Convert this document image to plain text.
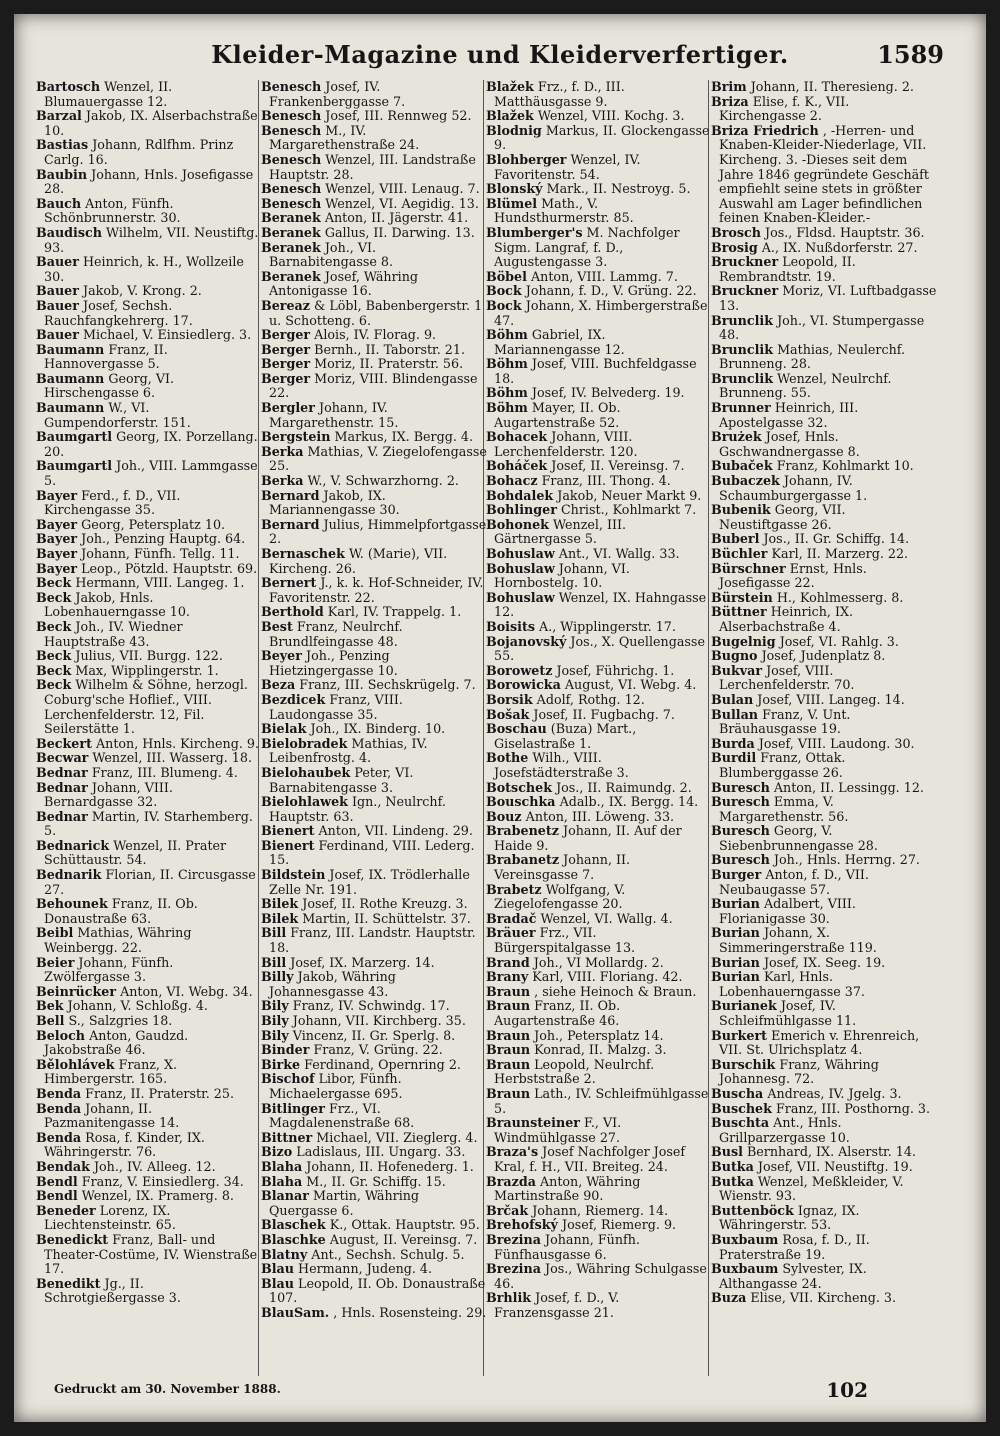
Kleider-Magazine und Kleiderverfertiger.	1589

Bartosch Wenzel, II. Blumauergasse 12.

Barzal Jakob, IX. Alserbachstraße 10.

Bastias Johann, Rdlfhm. Prinz Carlg. 16.

Baubin Johann, Hnls. Josefigasse 28.

Bauch Anton, Fünfh. Schönbrunnerstr. 30.

Baudisch Wilhelm, VII. Neustiftg. 93.

Bauer Heinrich, k. H., Wollzeile 30.

Bauer Jakob, V. Krong. 2.

Bauer Josef, Sechsh. Rauchfangkehrerg. 17.

Bauer Michael, V. Einsiedlerg. 3.

Baumann Franz, II. Hannovergasse 5.

Baumann Georg, VI. Hirschengasse 6.

Baumann W., VI. Gumpendorferstr. 151.

Baumgartl Georg, IX. Porzellang. 20.

Baumgartl Joh., VIII. Lammgasse 5.

Bayer Ferd., f. D., VII. Kirchengasse 35.

Bayer Georg, Petersplatz 10.

Bayer Joh., Penzing Hauptg. 64.

Bayer Johann, Fünfh. Tellg. 11.

Bayer Leop., Pötzld. Hauptstr. 69.

Beck Hermann, VIII. Langeg. 1.

Beck Jakob, Hnls. Lobenhauerngasse 10.

Beck Joh., IV. Wiedner Hauptstraße 43.

Beck Julius, VII. Burgg. 122.

Beck Max, Wipplingerstr. 1.

Beck Wilhelm & Söhne, herzogl. Coburg'sche Hoflief., VIII. Lerchenfelderstr. 12, Fil. Seilerstätte 1.

Beckert Anton, Hnls. Kircheng. 9.

Becwar Wenzel, III. Wasserg. 18.

Bednar Franz, III. Blumeng. 4.

Bednar Johann, VIII. Bernardgasse 32.

Bednar Martin, IV. Starhemberg. 5.

Bednarick Wenzel, II. Prater Schüttaustr. 54.

Bednarik Florian, II. Circusgasse 27.

Behounek Franz, II. Ob. Donaustraße 63.

Beibl Mathias, Währing Weinbergg. 22.

Beier Johann, Fünfh. Zwölfergasse 3.

Beinrücker Anton, VI. Webg. 34.

Bek Johann, V. Schloßg. 4.

Bell S., Salzgries 18.

Beloch Anton, Gaudzd. Jakobstraße 46.

Bělohlávek Franz, X. Himbergerstr. 165.

Benda Franz, II. Praterstr. 25.

Benda Johann, II. Pazmanitengasse 14.

Benda Rosa, f. Kinder, IX. Währingerstr. 76.

Bendak Joh., IV. Alleeg. 12.

Bendl Franz, V. Einsiedlerg. 34.

Bendl Wenzel, IX. Pramerg. 8.

Beneder Lorenz, IX. Liechtensteinstr. 65.

Benedickt Franz, Ball- und Theater-Costüme, IV. Wienstraße 17.

Benedikt Jg., II. Schrotgießergasse 3.

Benesch Josef, IV. Frankenberggasse 7.

Benesch Josef, III. Rennweg 52.

Benesch M., IV. Margarethenstraße 24.

Benesch Wenzel, III. Landstraße Hauptstr. 28.

Benesch Wenzel, VIII. Lenaug. 7.

Benesch Wenzel, VI. Aegidig. 13.

Beranek Anton, II. Jägerstr. 41.

Beranek Gallus, II. Darwing. 13.

Beranek Joh., VI. Barnabitengasse 8.

Beranek Josef, Währing Antonigasse 16.

Bereaz & Löbl, Babenbergerstr. 1 u. Schotteng. 6.

Berger Alois, IV. Florag. 9.

Berger Bernh., II. Taborstr. 21.

Berger Moriz, II. Praterstr. 56.

Berger Moriz, VIII. Blindengasse 22.

Bergler Johann, IV. Margarethenstr. 15.

Bergstein Markus, IX. Bergg. 4.

Berka Mathias, V. Ziegelofengasse 25.

Berka W., V. Schwarzhorng. 2.

Bernard Jakob, IX. Mariannengasse 30.

Bernard Julius, Himmelpfortgasse 2.

Bernaschek W. (Marie), VII. Kircheng. 26.

Bernert J., k. k. Hof-Schneider, IV. Favoritenstr. 22.

Berthold Karl, IV. Trappelg. 1.

Best Franz, Neulrchf. Brundlfeingasse 48.

Beyer Joh., Penzing Hietzingergasse 10.

Beza Franz, III. Sechskrügelg. 7.

Bezdicek Franz, VIII. Laudongasse 35.

Bielak Joh., IX. Binderg. 10.

Bielobradek Mathias, IV. Leibenfrostg. 4.

Bielohaubek Peter, VI. Barnabitengasse 3.

Bielohlawek Ign., Neulrchf. Hauptstr. 63.

Bienert Anton, VII. Lindeng. 29.

Bienert Ferdinand, VIII. Lederg. 15.

Bildstein Josef, IX. Trödlerhalle Zelle Nr. 191.

Bilek Josef, II. Rothe Kreuzg. 3.

Bilek Martin, II. Schüttelstr. 37.

Bill Franz, III. Landstr. Hauptstr. 18.

Bill Josef, IX. Marzerg. 14.

Billy Jakob, Währing Johannesgasse 43.

Bily Franz, IV. Schwindg. 17.

Bily Johann, VII. Kirchberg. 35.

Bily Vincenz, II. Gr. Sperlg. 8.

Binder Franz, V. Grüng. 22.

Birke Ferdinand, Opernring 2.

Bischof Libor, Fünfh. Michaelergasse 695.

Bitlinger Frz., VI. Magdalenenstraße 68.

Bittner Michael, VII. Zieglerg. 4.

Bizo Ladislaus, III. Ungarg. 33.

Blaha Johann, II. Hofenederg. 1.

Blaha M., II. Gr. Schiffg. 15.

Blanar Martin, Währing Quergasse 6.

Blaschek K., Ottak. Hauptstr. 95.

Blaschke August, II. Vereinsg. 7.

Blatny Ant., Sechsh. Schulg. 5.

Blau Hermann, Judeng. 4.

Blau Leopold, II. Ob. Donaustraße 107.

BlauSam. , Hnls. Rosensteing. 29.

Blažek Frz., f. D., III. Matthäusgasse 9.

Blažek Wenzel, VIII. Kochg. 3.

Blodnig Markus, II. Glockengasse 9.

Blohberger Wenzel, IV. Favoritenstr. 54.

Blonský Mark., II. Nestroyg. 5.

Blümel Math., V. Hundsthurmerstr. 85.

Blumberger's M. Nachfolger Sigm. Langraf, f. D., Augustengasse 3.

Böbel Anton, VIII. Lammg. 7.

Bock Johann, f. D., V. Grüng. 22.

Bock Johann, X. Himbergerstraße 47.

Böhm Gabriel, IX. Mariannengasse 12.

Böhm Josef, VIII. Buchfeldgasse 18.

Böhm Josef, IV. Belvederg. 19.

Böhm Mayer, II. Ob. Augartenstraße 52.

Bohacek Johann, VIII. Lerchenfelderstr. 120.

Boháček Josef, II. Vereinsg. 7.

Bohacz Franz, III. Thong. 4.

Bohdalek Jakob, Neuer Markt 9.

Bohlinger Christ., Kohlmarkt 7.

Bohonek Wenzel, III. Gärtnergasse 5.

Bohuslaw Ant., VI. Wallg. 33.

Bohuslaw Johann, VI. Hornbostelg. 10.

Bohuslaw Wenzel, IX. Hahngasse 12.

Boisits A., Wipplingerstr. 17.

Bojanovský Jos., X. Quellengasse 55.

Borowetz Josef, Führichg. 1.

Borowicka August, VI. Webg. 4.

Borsik Adolf, Rothg. 12.

Bošak Josef, II. Fugbachg. 7.

Boschau (Buza) Mart., Giselastraße 1.

Bothe Wilh., VIII. Josefstädterstraße 3.

Botschek Jos., II. Raimundg. 2.

Bouschka Adalb., IX. Bergg. 14.

Bouz Anton, III. Löweng. 33.

Brabenetz Johann, II. Auf der Haide 9.

Brabanetz Johann, II. Vereinsgasse 7.

Brabetz Wolfgang, V. Ziegelofengasse 20.

Bradač Wenzel, VI. Wallg. 4.

Bräuer Frz., VII. Bürgerspitalgasse 13.

Brand Joh., VI Mollardg. 2.

Brany Karl, VIII. Floriang. 42.

Braun , siehe Heinoch & Braun.

Braun Franz, II. Ob. Augartenstraße 46.

Braun Joh., Petersplatz 14.

Braun Konrad, II. Malzg. 3.

Braun Leopold, Neulrchf. Herbststraße 2.

Braun Lath., IV. Schleifmühlgasse 5.

Braunsteiner F., VI. Windmühlgasse 27.

Braza's Josef Nachfolger Josef Kral, f. H., VII. Breiteg. 24.

Brazda Anton, Währing Martinstraße 90.

Brčak Johann, Riemerg. 14.

Brehofský Josef, Riemerg. 9.

Brezina Johann, Fünfh. Fünfhausgasse 6.

Brezina Jos., Währing Schulgasse 46.

Brhlik Josef, f. D., V. Franzensgasse 21.

Brim Johann, II. Theresieng. 2.

Briza Elise, f. K., VII. Kirchengasse 2.

Briza Friedrich , -Herren- und Knaben-Kleider-Niederlage, VII. Kircheng. 3. -Dieses seit dem Jahre 1846 gegründete Geschäft empfiehlt seine stets in größter Auswahl am Lager befindlichen feinen Knaben-Kleider.-

Brosch Jos., Fldsd. Hauptstr. 36.

Brosig A., IX. Nußdorferstr. 27.

Bruckner Leopold, II. Rembrandtstr. 19.

Bruckner Moriz, VI. Luftbadgasse 13.

Brunclik Joh., VI. Stumpergasse 48.

Brunclik Mathias, Neulerchf. Brunneng. 28.

Brunclik Wenzel, Neulrchf. Brunneng. 55.

Brunner Heinrich, III. Apostelgasse 32.

Brużek Josef, Hnls. Gschwandnergasse 8.

Bubaček Franz, Kohlmarkt 10.

Bubaczek Johann, IV. Schaumburgergasse 1.

Bubenik Georg, VII. Neustiftgasse 26.

Buberl Jos., II. Gr. Schiffg. 14.

Büchler Karl, II. Marzerg. 22.

Bürschner Ernst, Hnls. Josefigasse 22.

Bürstein H., Kohlmesserg. 8.

Büttner Heinrich, IX. Alserbachstraße 4.

Bugelnig Josef, VI. Rahlg. 3.

Bugno Josef, Judenplatz 8.

Bukvar Josef, VIII. Lerchenfelderstr. 70.

Bulan Josef, VIII. Langeg. 14.

Bullan Franz, V. Unt. Bräuhausgasse 19.

Burda Josef, VIII. Laudong. 30.

Burdil Franz, Ottak. Blumberggasse 26.

Buresch Anton, II. Lessingg. 12.

Buresch Emma, V. Margarethenstr. 56.

Buresch Georg, V. Siebenbrunnengasse 28.

Buresch Joh., Hnls. Herrng. 27.

Burger Anton, f. D., VII. Neubaugasse 57.

Burian Adalbert, VIII. Florianigasse 30.

Burian Johann, X. Simmeringerstraße 119.

Burian Josef, IX. Seeg. 19.

Burian Karl, Hnls. Lobenhauerngasse 37.

Burianek Josef, IV. Schleifmühlgasse 11.

Burkert Emerich v. Ehrenreich, VII. St. Ulrichsplatz 4.

Burschik Franz, Währing Johannesg. 72.

Buscha Andreas, IV. Jgelg. 3.

Buschek Franz, III. Posthorng. 3.

Buschta Ant., Hnls. Grillparzergasse 10.

Busl Bernhard, IX. Alserstr. 14.

Butka Josef, VII. Neustiftg. 19.

Butka Wenzel, Meßkleider, V. Wienstr. 93.

Buttenböck Ignaz, IX. Währingerstr. 53.

Buxbaum Rosa, f. D., II. Praterstraße 19.

Buxbaum Sylvester, IX. Althangasse 24.

Buza Elise, VII. Kircheng. 3.

Gedruckt am 30. November 1888.	102
